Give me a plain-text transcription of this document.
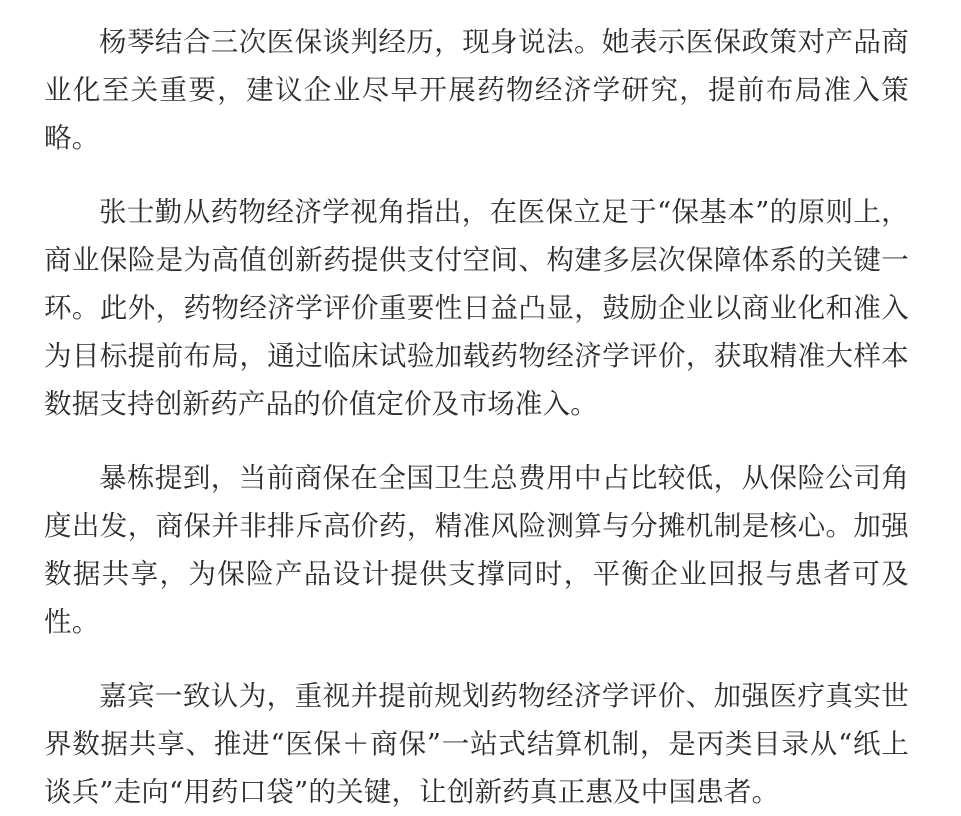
杨琴结合三次医保谈判经历，现身说法。她表示医保政策对产品商业化至关重要，建议企业尽早开展药物经济学研究，提前布局准入策略。

张士勤从药物经济学视角指出，在医保立足于“保基本”的原则上，商业保险是为高值创新药提供支付空间、构建多层次保障体系的关键一环。此外，药物经济学评价重要性日益凸显，鼓励企业以商业化和准入为目标提前布局，通过临床试验加载药物经济学评价，获取精准大样本数据支持创新药产品的价值定价及市场准入。

暴栋提到，当前商保在全国卫生总费用中占比较低，从保险公司角度出发，商保并非排斥高价药，精准风险测算与分摊机制是核心。加强数据共享，为保险产品设计提供支撑同时，平衡企业回报与患者可及性。

嘉宾一致认为，重视并提前规划药物经济学评价、加强医疗真实世界数据共享、推进“医保＋商保”一站式结算机制，是丙类目录从“纸上谈兵”走向“用药口袋”的关键，让创新药真正惠及中国患者。
